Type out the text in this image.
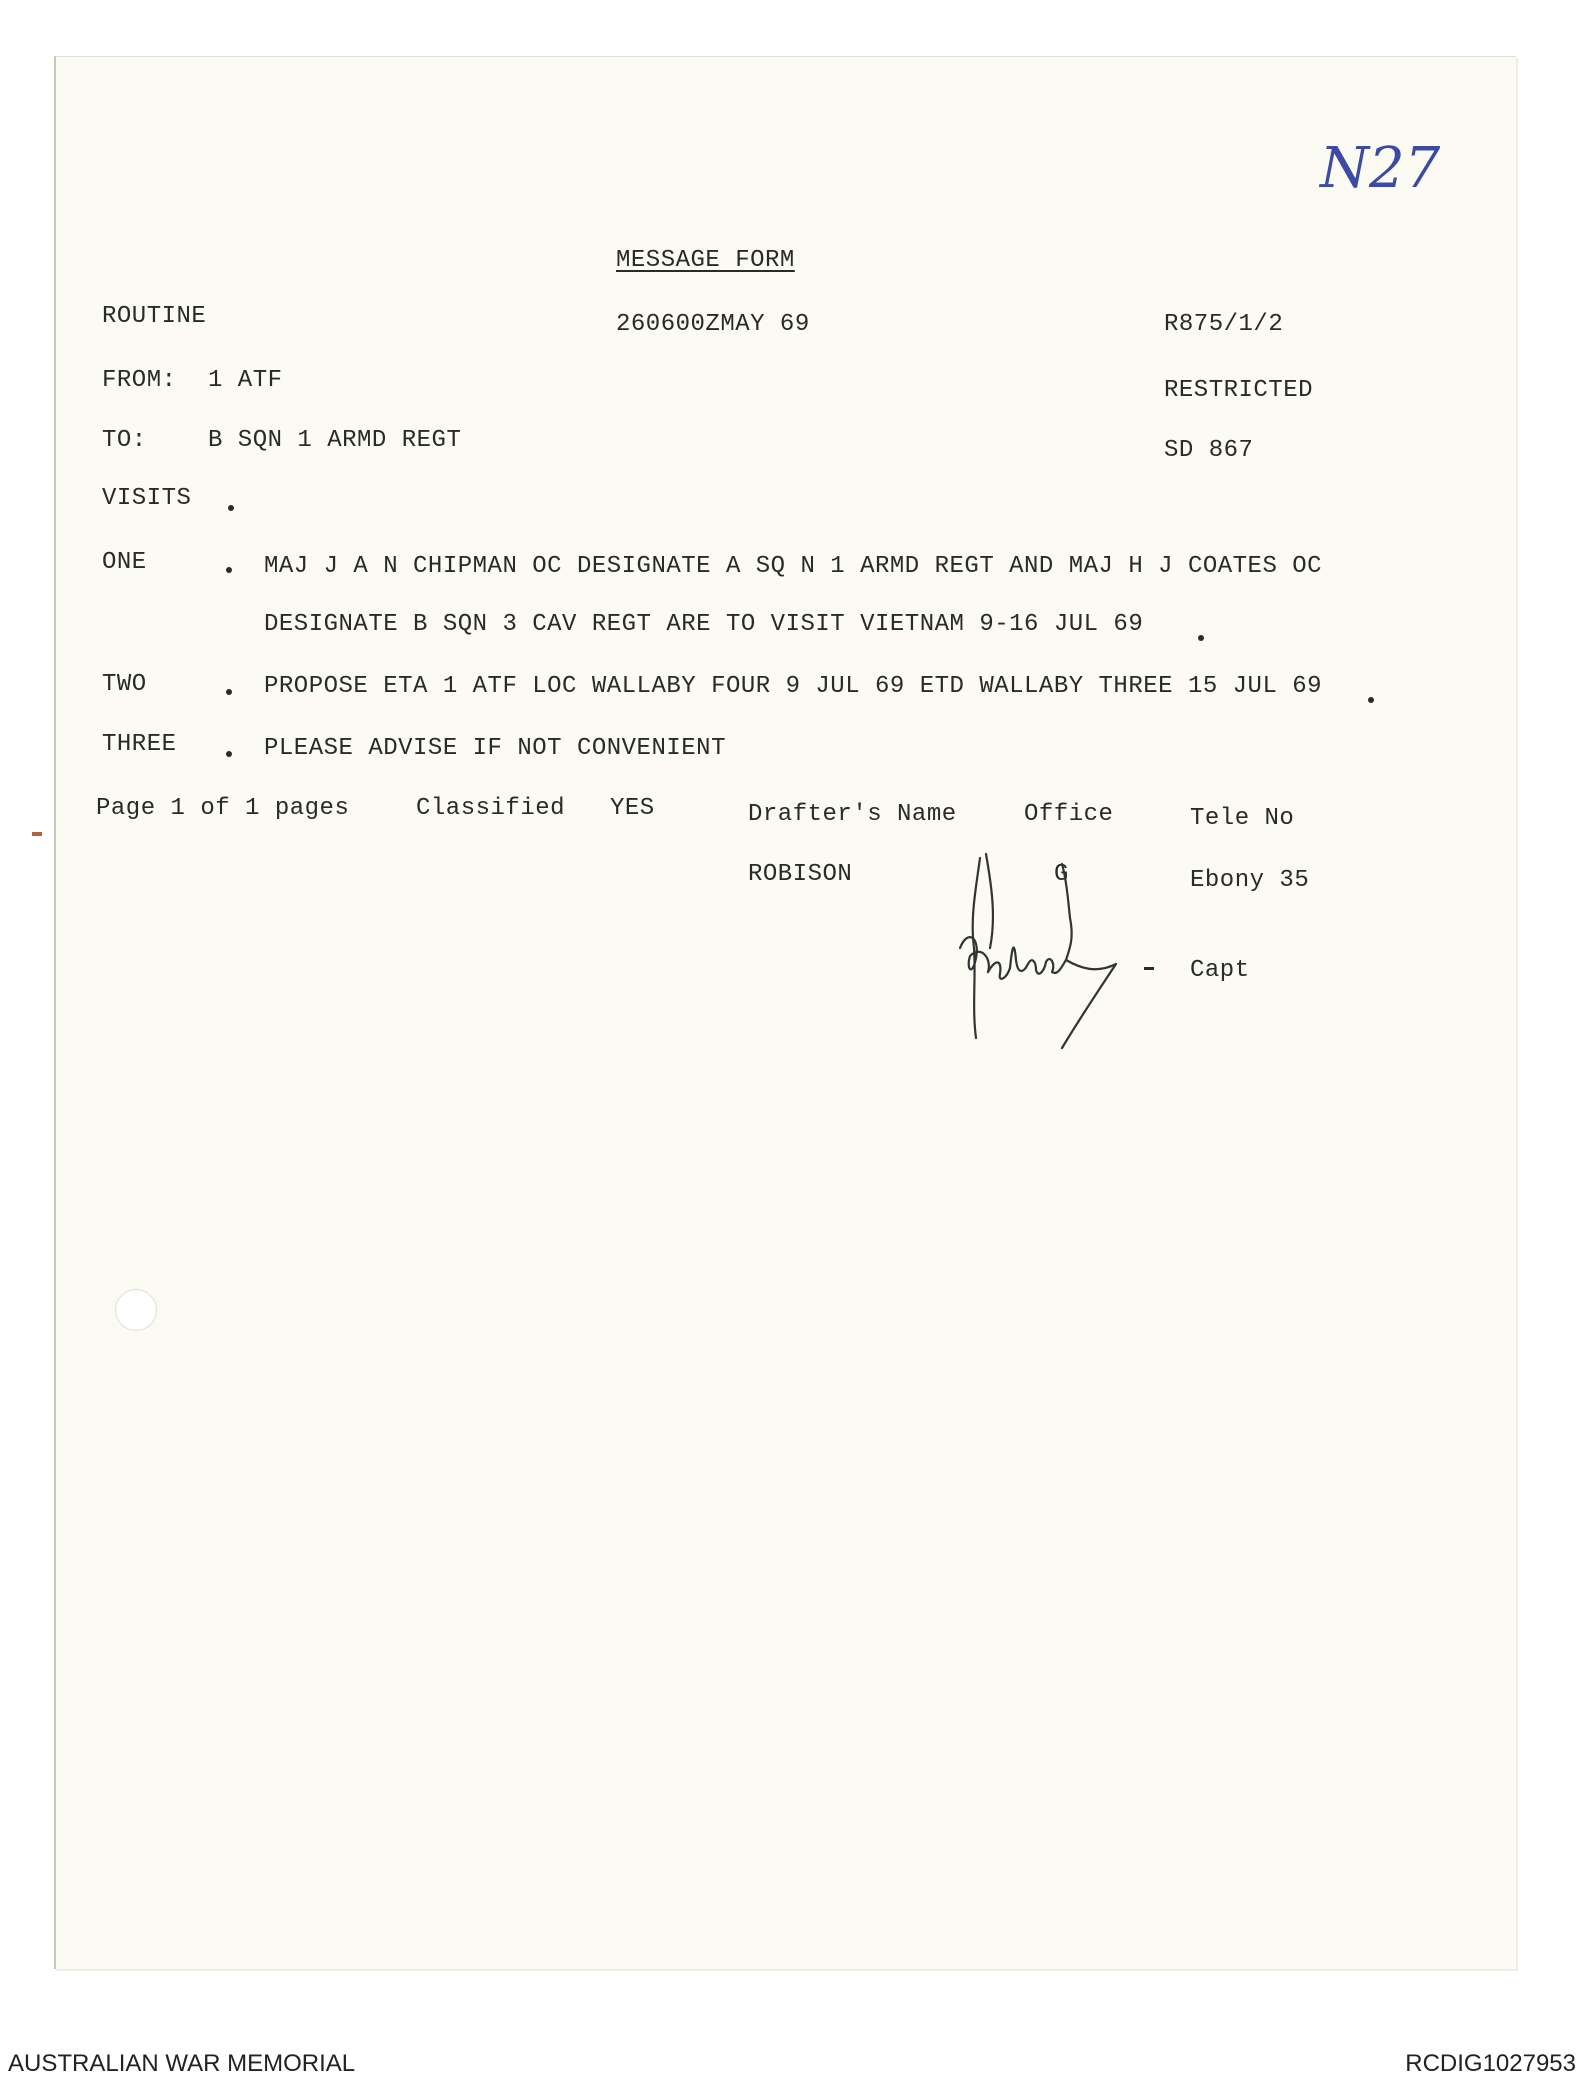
N27
MESSAGE FORM
ROUTINE	260600ZMAY 69	R875/1/2
FROM: 1 ATF	RESTRICTED
TO:	B SQN 1 ARMD REGT	SD 867
VISITS
ONE	MAJ J A N CHIPMAN OC DESIGNATE A SQ N 1 ARMD REGT AND MAJ H J COATES OC
DESIGNATE B SQN 3 CAV REGT ARE TO VISIT VIETNAM 9-16 JUL 69
TWO	PROPOSE ETA 1 ATF LOC WALLABY FOUR 9 JUL 69 ETD WALLABY THREE 15 JUL 69
THREE	PLEASE ADVISE IF NOT CONVENIENT
Page 1 of 1 pages	Classified YES	Drafter's Name	Office	Tele No
ROBISON	G	Ebony 35
Capt
AUSTRALIAN WAR MEMORIAL	RCDIG1027953
